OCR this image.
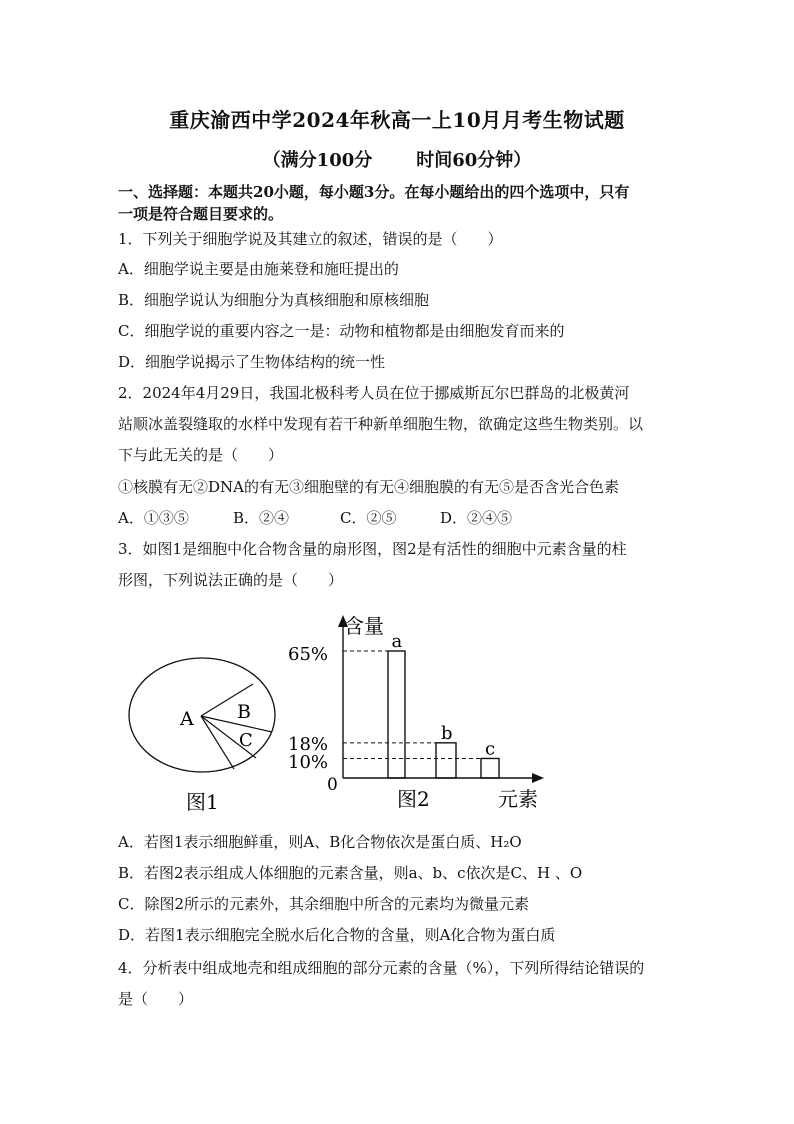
重庆渝西中学2024年秋高一上10月月考生物试题
（满分100分 时间60分钟）
一、选择题：本题共20小题，每小题3分。在每小题给出的四个选项中，只有
一项是符合题目要求的。
1．下列关于细胞学说及其建立的叙述，错误的是（　　）
A．细胞学说主要是由施莱登和施旺提出的
B．细胞学说认为细胞分为真核细胞和原核细胞
C．细胞学说的重要内容之一是：动物和植物都是由细胞发育而来的
D．细胞学说揭示了生物体结构的统一性
2．2024年4月29日，我国北极科考人员在位于挪威斯瓦尔巴群岛的北极黄河
站顺冰盖裂缝取的水样中发现有若干种新单细胞生物，欲确定这些生物类别。以
下与此无关的是（　　）
①核膜有无②DNA的有无③细胞壁的有无④细胞膜的有无⑤是否含光合色素
A．①③⑤	B．②④	C．②⑤	D．②④⑤
3．如图1是细胞中化合物含量的扇形图，图2是有活性的细胞中元素含量的柱
形图，下列说法正确的是（　　）
A B
C
图1
含量
元素
图2
65%
18%
10%
0
a
b
c
A．若图1表示细胞鲜重，则A、B化合物依次是蛋白质、H₂O
B．若图2表示组成人体细胞的元素含量，则a、b、c依次是C、H 、O
C．除图2所示的元素外，其余细胞中所含的元素均为微量元素
D．若图1表示细胞完全脱水后化合物的含量，则A化合物为蛋白质
4．分析表中组成地壳和组成细胞的部分元素的含量（%），下列所得结论错误的
是（　　）
